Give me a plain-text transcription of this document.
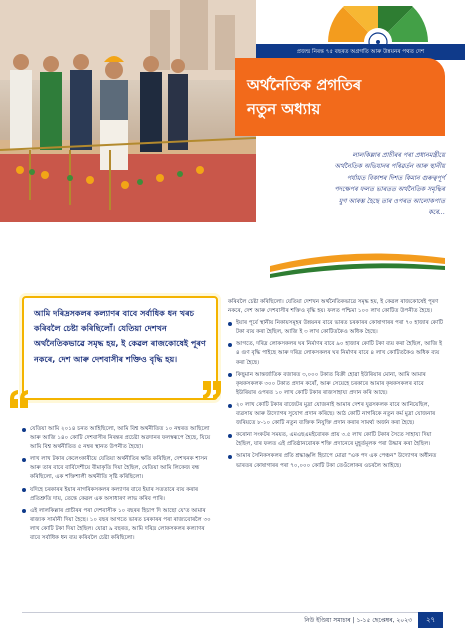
প্ৰজন্ম নিৰন্ত ৭৫ বছৰত অগ্ৰগতি আৰু উন্নয়নৰ পথত দেশ
অৰ্থনৈতিক প্ৰগতিৰ
নতুন অধ্যায়
লালকিল্লাৰ প্ৰাচীৰৰ পৰা প্ৰধানমন্ত্ৰীয়ে
অৰ্থনৈতিক অভিযানৰ পৰিৱৰ্তন আৰু স্থানীয়
পৰ্যায়ত বিকাশৰ দিশত কিমান গুৰুত্বপূৰ্ণ
পদক্ষেপৰ ফলত ভাৰতত অৰ্থনৈতিক সমৃদ্ধিৰ
যুগ আৰম্ভ হৈছে তাৰ ওপৰত আলোকপাত
কৰে...
আমি দৰিদ্ৰসকলৰ কল্যাণৰ বাবে সৰ্বাধিক ধন খৰচ কৰিবলৈ চেষ্টা কৰিছিলোঁ। যেতিয়া দেশখন অৰ্থনৈতিকভাৱে সমৃদ্ধ হয়, ই কেৱল ৰাজকোষেই পূৰণ নকৰে, দেশ আৰু দেশবাসীৰ শক্তিও বৃদ্ধি হয়।
যেতিয়া আমি ২০১৪ চনত আহিছিলো, আমি বিশ্ব অৰ্থনীতিত ১০ নম্বৰত আছিলো আৰু আজি ১৪০ কোটি দেশবাসীৰ নিৰন্তৰ প্ৰচেষ্টা অৱদানৰ ফলস্বৰূপে হৈছে, যিয়ে আমি বিশ্ব অৰ্থনীতিত ৫ নম্বৰ স্থানত উপনীত হৈছো।
লাখ লাখ টকাৰ কেলেংকাৰীয়ে যেতিয়া অৰ্থনীতিৰ ক্ষতি কৰিছিল, দেশখনক শাসন আৰু তাৰ বাবে বাৰ্বিদেশীয়ে বীমাকৃতি দিয়া হৈছিল, যেতিয়া আমি লিকেজ বন্ধ কৰিছিলো, এক শক্তিশালী অৰ্থনীতি সৃষ্টি কৰিছিলো।
যদিহে চৰকাৰৰ ইয়াৰ নাগৰিকসকলৰ কল্যাণৰ বাবে ইয়াৰ সততাৰে ব্যয় কৰাৰ প্ৰতিশ্ৰুতি দায়, তেন্তে কেৱল এক অসাধাৰণ লাভ কৰিব পাৰি।
এই লালকিল্লাৰ প্ৰাচীৰৰ পৰা দেশবাসীক ১০ বছৰৰ হিচাপ দি আছো যে'ত আমাৰ ৰাজ্যক সাৰ্মানী দিয়া হৈছে। ১০ বছৰ আগতে ভাৰত চৰকাৰৰ পৰা ৰাজ্যবোৰলৈ ৩০ লাখ কোটি টকা দিয়া হৈছিল। যোৱা ৯ বছৰত, আমি দৰিদ্ৰ লোকসকলৰ কল্যাণৰ বাবে সৰ্বাধিক ধন ব্যয় কৰিবলৈ চেষ্টা কৰিছিলো।
কৰিবলৈ চেষ্টা কৰিছিলো। যেতিয়া দেশখন অৰ্থনৈতিকভাৱে সমৃদ্ধ হয়, ই কেৱল ৰাজকোষেই পূৰণ নকৰে, দেশ আৰু দেশবাসীৰ শক্তিও বৃদ্ধি হয়। ফলত পশ্চিমা ১০০ লাখ কোটিত উপনীত হৈছে।
ইয়াৰ পূৰ্বে স্থানীয় নিকায়সমূহৰ উন্নয়নৰ বাবে ভাৰত চৰকাৰৰ কোষাগাৰৰ পৰা ৭০ হাজাৰ কোটি টকা ব্যয় কৰা হৈছিল, আজি ই ৩ লাখ কোটিতকৈও অধিক হৈছে।
আগতে, দৰিদ্ৰ লোকসকলৰ ঘৰ নিৰ্মাণৰ বাবে ৯০ হাজাৰ কোটি টকা ব্যয় কৰা হৈছিল, আজি ই ৪ গুণ বৃদ্ধি পাইছে আৰু দৰিদ্ৰ লোকসকলৰ ঘৰ নিৰ্মাণৰ বাবে ৪ লাখ কোটিতকৈও অধিক ব্যয় কৰা হৈছে।
কিছুমান আন্তৰ্জাতিক বজাৰত ৩,০০০ টকাত বিক্ৰী হোৱা ইউৰিয়াৰ মোনা, আমি আমাৰ কৃষকসকলক ৩০০ টকাত প্ৰদান কৰোঁ, আৰু সেয়েহে চৰকাৰে আমাৰ কৃষকসকলৰ বাবে ইউৰিয়াৰ ওপৰত ১০ লাখ কোটি টকাৰ ৰাজসাহায্য প্ৰদান কৰি আছে।
২০ লাখ কোটি টকাৰ বাজেটৰ মুদ্ৰা যোজনাই আমাৰ দেশৰ যুৱসকলক বাবে আনিয়েছিল, ব্যৱসায় আৰু উদ্যোগৰ সুযোগ প্ৰদান কৰিছে। আঠ কোটি নাগৰিকে নতুন কৰ্ম মুদ্ৰা যোজনাৰ জৰিয়তে ৮-১০ কোটি নতুন ব্যক্তিক নিযুক্তি প্ৰদান কৰাৰ সামৰ্থ্য অৰ্জন কৰা হৈছে।
কৰোনা সংকটৰ সময়ত, এমএছএমইবোৰক প্ৰায় ৩.৫ লাখ কোটি টকাৰ সৈতে সাহায্য দিয়া হৈছিল, যাৰ ফলত এই প্ৰতিষ্ঠানবোৰক শক্তি প্ৰদানেৰে মুহূৰ্তমূলক পৰা উদ্ধাৰ কৰা হৈছিল।
আমাৰ সৈনিকসকলৰ প্ৰতি শ্ৰদ্ধাঞ্জলি হিচাপে মোৱা "এক পদ এক পেঞ্চন" উদ্যোগৰ অধীনত ভাৰতৰ কোষাগাৰৰ পৰা ৭০,০০০ কোটি টকা তেওঁলোকৰ ওচৰলৈ আহিছে।
নিউ ইণ্ডিয়া সমাচাৰ | ১-১৫ ছেপ্তেম্বৰ, ২০২৩	২৭
